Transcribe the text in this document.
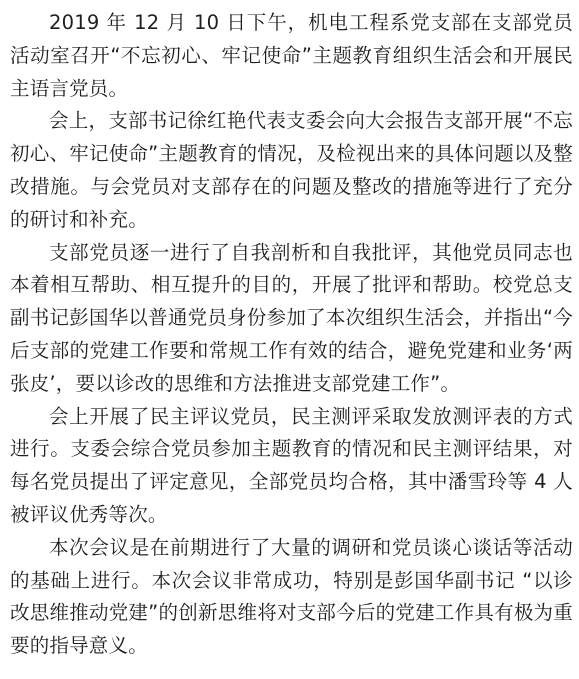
2019 年 12 月 10 日下午，机电工程系党支部在支部党员活动室召开“不忘初心、牢记使命”主题教育组织生活会和开展民主语言党员。

会上，支部书记徐红艳代表支委会向大会报告支部开展“不忘初心、牢记使命”主题教育的情况，及检视出来的具体问题以及整改措施。与会党员对支部存在的问题及整改的措施等进行了充分的研讨和补充。

支部党员逐一进行了自我剖析和自我批评，其他党员同志也本着相互帮助、相互提升的目的，开展了批评和帮助。校党总支副书记彭国华以普通党员身份参加了本次组织生活会，并指出“今后支部的党建工作要和常规工作有效的结合，避免党建和业务‘两张皮’，要以诊改的思维和方法推进支部党建工作”。

会上开展了民主评议党员，民主测评采取发放测评表的方式进行。支委会综合党员参加主题教育的情况和民主测评结果，对每名党员提出了评定意见，全部党员均合格，其中潘雪玲等 4 人被评议优秀等次。

本次会议是在前期进行了大量的调研和党员谈心谈话等活动的基础上进行。本次会议非常成功，特别是彭国华副书记 “以诊改思维推动党建”的创新思维将对支部今后的党建工作具有极为重要的指导意义。
